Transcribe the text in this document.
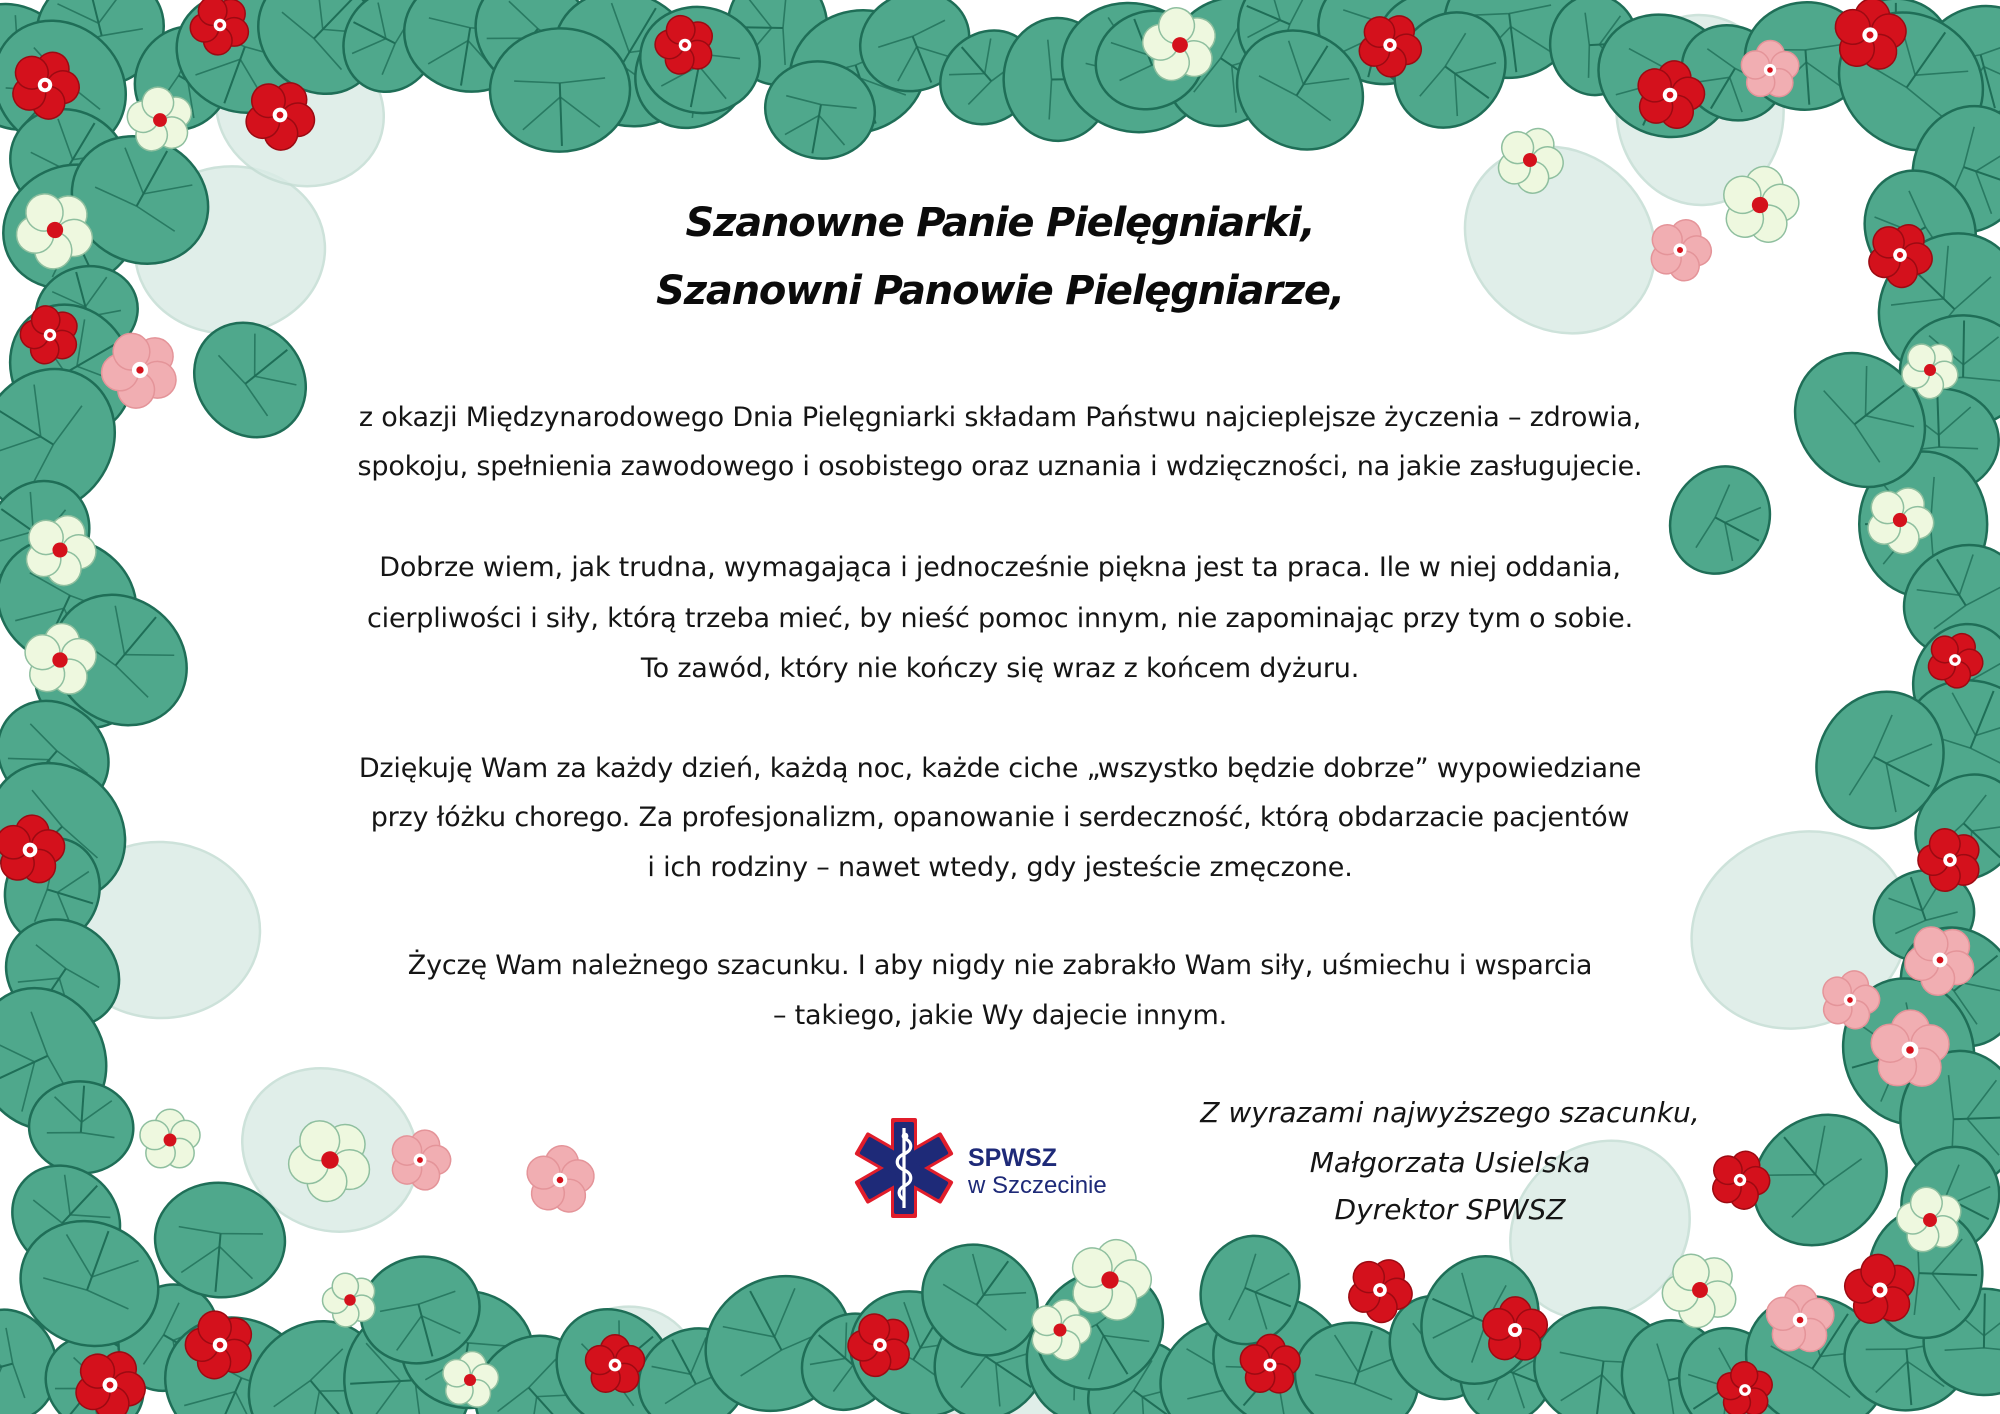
Szanowne Panie Pielęgniarki,
Szanowni Panowie Pielęgniarze,

z okazji Międzynarodowego Dnia Pielęgniarki składam Państwu najcieplejsze życzenia – zdrowia,

spokoju, spełnienia zawodowego i osobistego oraz uznania i wdzięczności, na jakie zasługujecie.

Dobrze wiem, jak trudna, wymagająca i jednocześnie piękna jest ta praca. Ile w niej oddania,

cierpliwości i siły, którą trzeba mieć, by nieść pomoc innym, nie zapominając przy tym o sobie.

To zawód, który nie kończy się wraz z końcem dyżuru.

Dziękuję Wam za każdy dzień, każdą noc, każde ciche „wszystko będzie dobrze” wypowiedziane

przy łóżku chorego. Za profesjonalizm, opanowanie i serdeczność, którą obdarzacie pacjentów

i ich rodziny – nawet wtedy, gdy jesteście zmęczone.

Życzę Wam należnego szacunku. I aby nigdy nie zabrakło Wam siły, uśmiechu i wsparcia

– takiego, jakie Wy dajecie innym.

SPWSZ

w Szczecinie

Z wyrazami najwyższego szacunku,

Małgorzata Usielska

Dyrektor SPWSZ
